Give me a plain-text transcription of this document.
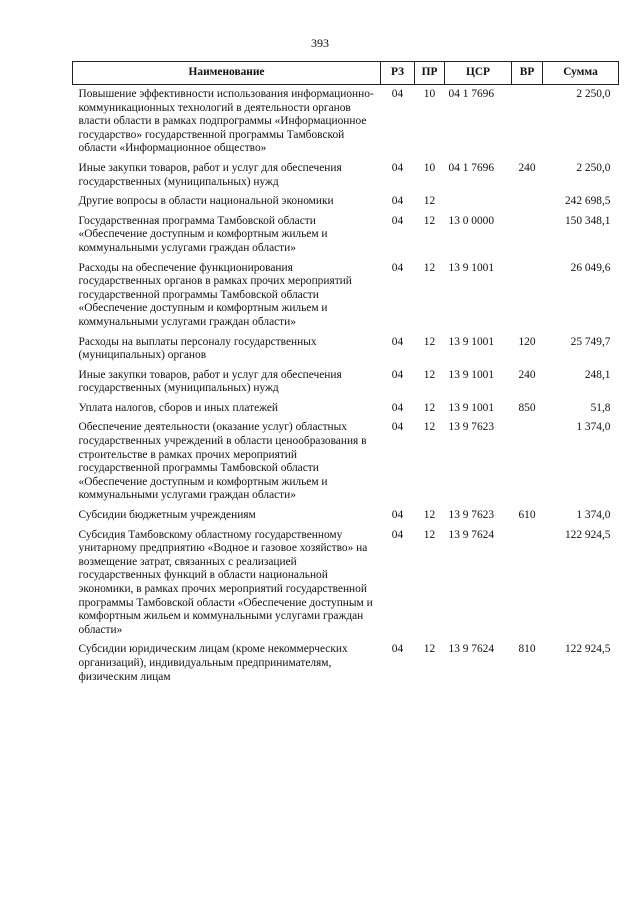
393
Наименование	РЗ	ПР	ЦСР	ВР	Сумма
Повышение эффективности использования информационно-коммуникационных технологий в деятельности органов власти области в рамках подпрограммы «Информационное государство» государственной программы Тамбовской области «Информационное общество»	04	10	04 1 7696		2 250,0
Иные закупки товаров, работ и услуг для обеспечения государственных (муниципальных) нужд	04	10	04 1 7696	240	2 250,0
Другие вопросы в области национальной экономики	04	12			242 698,5
Государственная программа Тамбовской области «Обеспечение доступным и комфортным жильем и коммунальными услугами граждан области»	04	12	13 0 0000		150 348,1
Расходы на обеспечение функционирования государственных органов в рамках прочих мероприятий государственной программы Тамбовской области «Обеспечение доступным и комфортным жильем и коммунальными услугами граждан области»	04	12	13 9 1001		26 049,6
Расходы на выплаты персоналу государственных (муниципальных) органов	04	12	13 9 1001	120	25 749,7
Иные закупки товаров, работ и услуг для обеспечения государственных (муниципальных) нужд	04	12	13 9 1001	240	248,1
Уплата налогов, сборов и иных платежей	04	12	13 9 1001	850	51,8
Обеспечение деятельности (оказание услуг) областных государственных учреждений в области ценообразования в строительстве в рамках прочих мероприятий государственной программы Тамбовской области «Обеспечение доступным и комфортным жильем и коммунальными услугами граждан области»	04	12	13 9 7623		1 374,0
Субсидии бюджетным учреждениям	04	12	13 9 7623	610	1 374,0
Субсидия Тамбовскому областному государственному унитарному предприятию «Водное и газовое хозяйство» на возмещение затрат, связанных с реализацией государственных функций в области национальной экономики, в рамках прочих мероприятий государственной программы Тамбовской области «Обеспечение доступным и комфортным жильем и коммунальными услугами граждан области»	04	12	13 9 7624		122 924,5
Субсидии юридическим лицам (кроме некоммерческих организаций), индивидуальным предпринимателям, физическим лицам	04	12	13 9 7624	810	122 924,5
